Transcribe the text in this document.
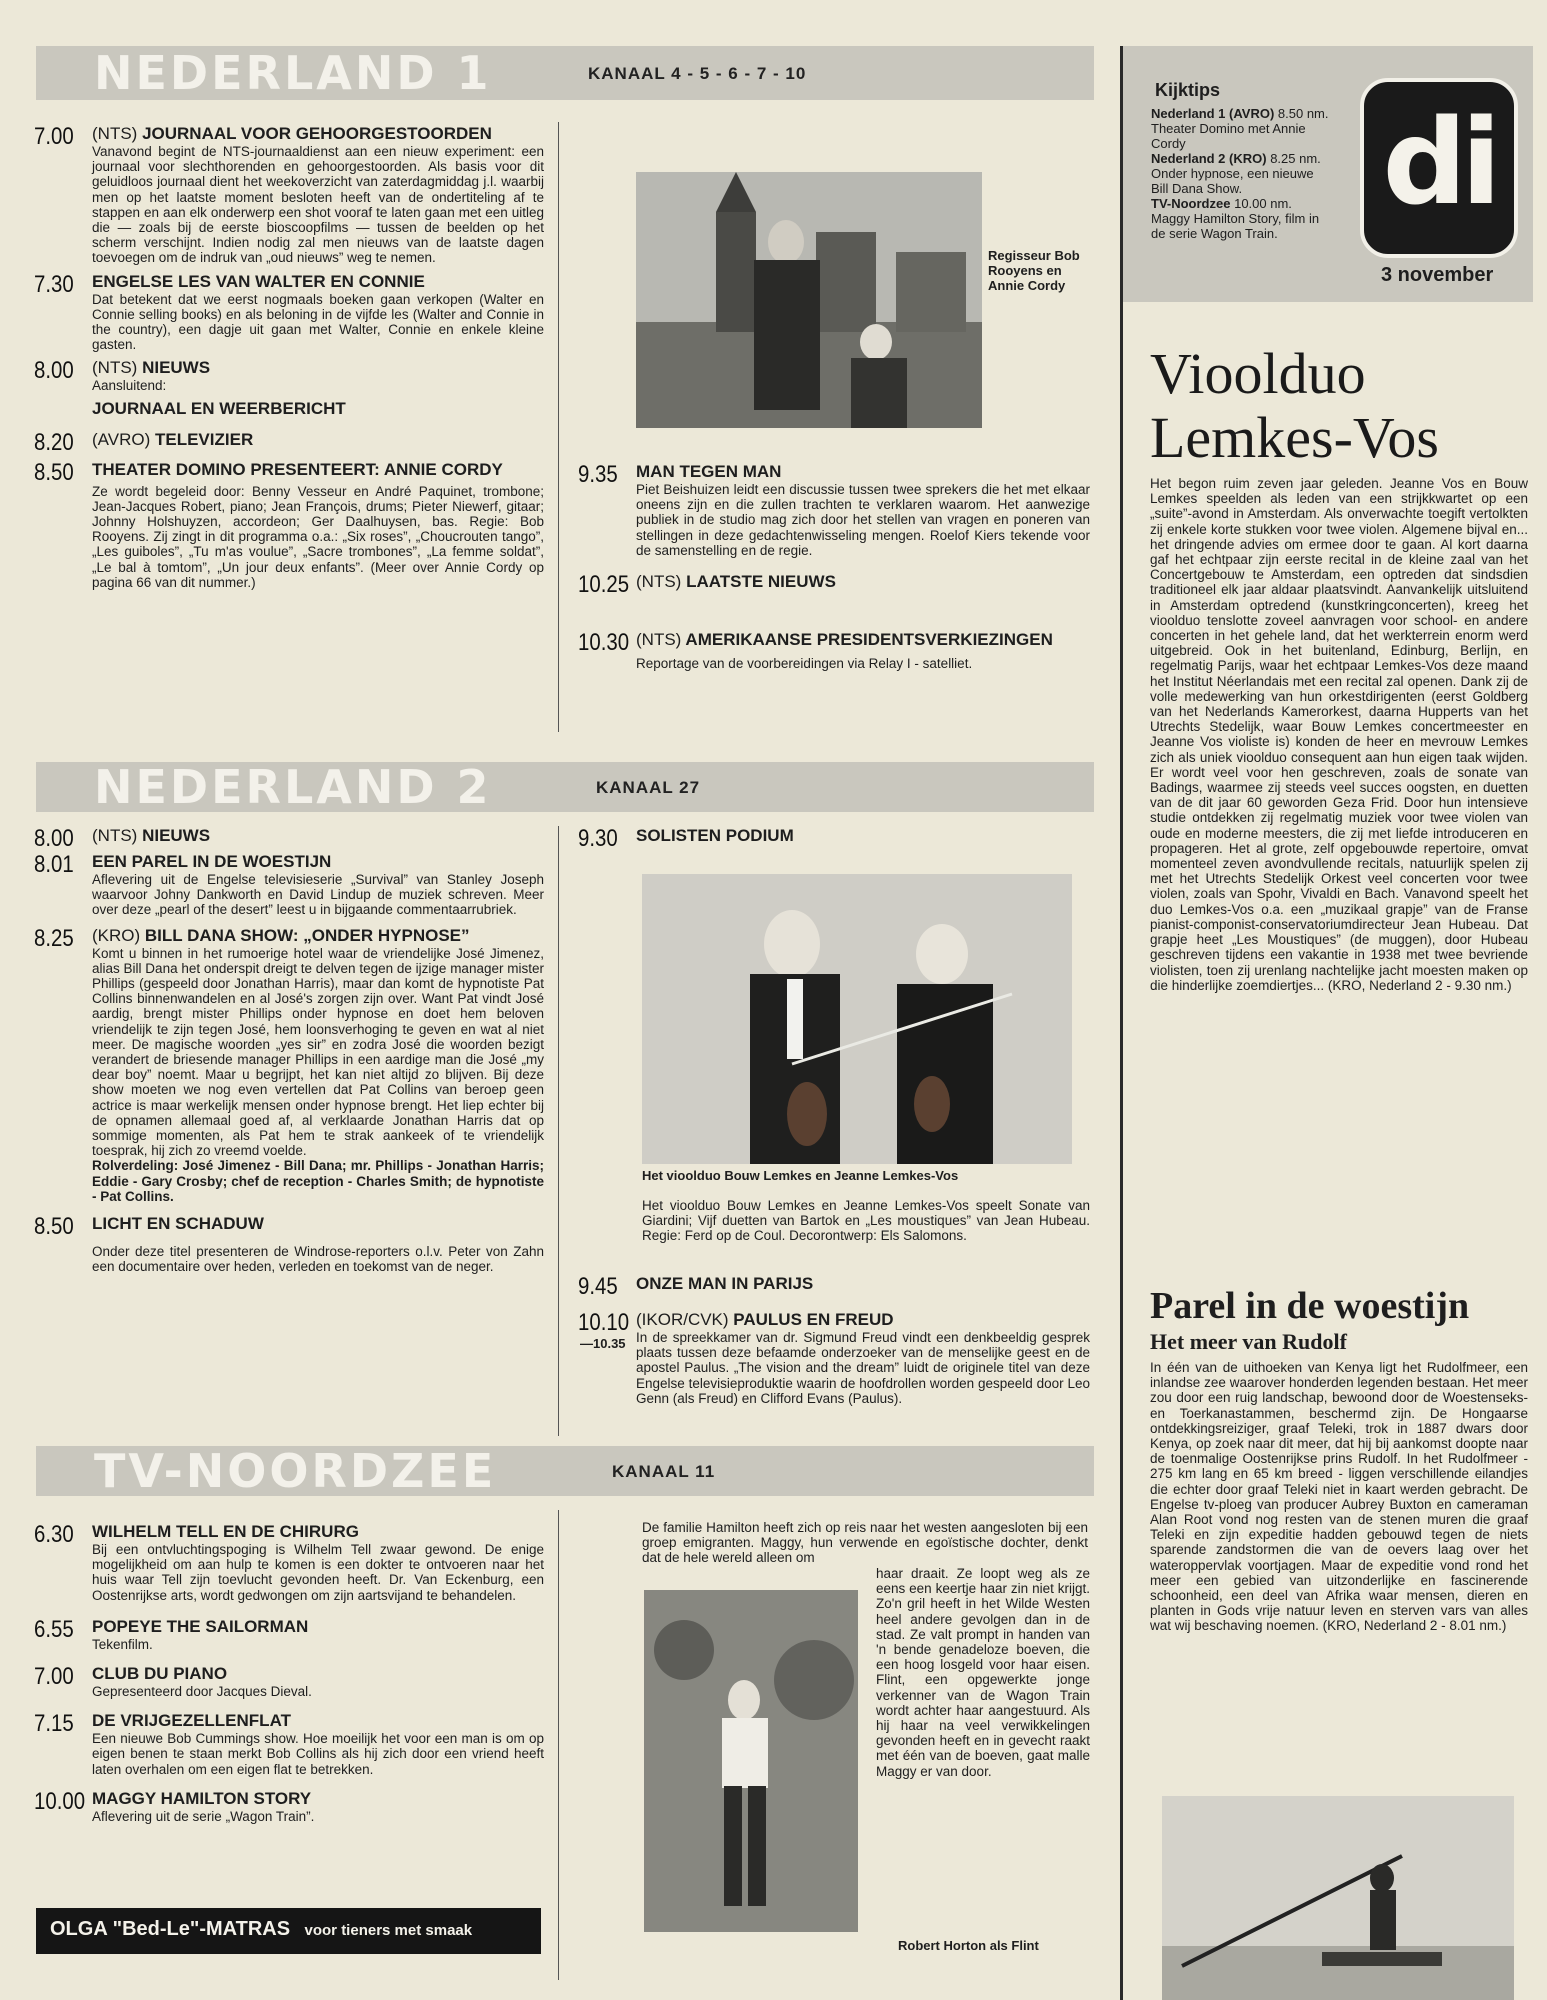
NEDERLAND 1	KANAAL 4 - 5 - 6 - 7 - 10
7.00 (NTS) JOURNAAL VOOR GEHOORGESTOORDEN
Vanavond begint de NTS-journaaldienst aan een nieuw experiment: een journaal voor slechthorenden en gehoorgestoorden. Als basis voor dit geluidloos journaal dient het weekoverzicht van zaterdagmiddag j.l. waarbij men op het laatste moment besloten heeft van de ondertiteling af te stappen en aan elk onderwerp een shot vooraf te laten gaan met een uitleg die — zoals bij de eerste bioscoopfilms — tussen de beelden op het scherm verschijnt. Indien nodig zal men nieuws van de laatste dagen toevoegen om de indruk van „oud nieuws” weg te nemen.
7.30 ENGELSE LES VAN WALTER EN CONNIE
Dat betekent dat we eerst nogmaals boeken gaan verkopen (Walter en Connie selling books) en als beloning in de vijfde les (Walter and Connie in the country), een dagje uit gaan met Walter, Connie en enkele kleine gasten.
8.00 (NTS) NIEUWS
Aansluitend:
JOURNAAL EN WEERBERICHT
8.20 (AVRO) TELEVIZIER
8.50 THEATER DOMINO PRESENTEERT: ANNIE CORDY
Ze wordt begeleid door: Benny Vesseur en André Paquinet, trombone; Jean-Jacques Robert, piano; Jean François, drums; Pieter Niewerf, gitaar; Johnny Holshuyzen, accordeon; Ger Daalhuysen, bas. Regie: Bob Rooyens. Zij zingt in dit programma o.a.: „Six roses”, „Choucrouten tango”, „Les guiboles”, „Tu m'as voulue”, „Sacre trombones”, „La femme soldat”, „Le bal à tomtom”, „Un jour deux enfants”. (Meer over Annie Cordy op pagina 66 van dit nummer.)
Regisseur Bob Rooyens en Annie Cordy
9.35 MAN TEGEN MAN
Piet Beishuizen leidt een discussie tussen twee sprekers die het met elkaar oneens zijn en die zullen trachten te verklaren waarom. Het aanwezige publiek in de studio mag zich door het stellen van vragen en poneren van stellingen in deze gedachtenwisseling mengen. Roelof Kiers tekende voor de samenstelling en de regie.
10.25 (NTS) LAATSTE NIEUWS
10.30 (NTS) AMERIKAANSE PRESIDENTSVERKIEZINGEN
Reportage van de voorbereidingen via Relay I - satelliet.
NEDERLAND 2	KANAAL 27
8.00 (NTS) NIEUWS
8.01 EEN PAREL IN DE WOESTIJN
Aflevering uit de Engelse televisieserie „Survival” van Stanley Joseph waarvoor Johny Dankworth en David Lindup de muziek schreven. Meer over deze „pearl of the desert” leest u in bijgaande commentaarrubriek.
8.25 (KRO) BILL DANA SHOW: „ONDER HYPNOSE”
Komt u binnen in het rumoerige hotel waar de vriendelijke José Jimenez, alias Bill Dana het onderspit dreigt te delven tegen de ijzige manager mister Phillips (gespeeld door Jonathan Harris), maar dan komt de hypnotiste Pat Collins binnenwandelen en al José's zorgen zijn over. Want Pat vindt José aardig, brengt mister Phillips onder hypnose en doet hem beloven vriendelijk te zijn tegen José, hem loonsverhoging te geven en wat al niet meer. De magische woorden „yes sir” en zodra José die woorden bezigt verandert de briesende manager Phillips in een aardige man die José „my dear boy” noemt. Maar u begrijpt, het kan niet altijd zo blijven. Bij deze show moeten we nog even vertellen dat Pat Collins van beroep geen actrice is maar werkelijk mensen onder hypnose brengt. Het liep echter bij de opnamen allemaal goed af, al verklaarde Jonathan Harris dat op sommige momenten, als Pat hem te strak aankeek of te vriendelijk toesprak, hij zich zo vreemd voelde.
Rolverdeling: José Jimenez - Bill Dana; mr. Phillips - Jonathan Harris; Eddie - Gary Crosby; chef de reception - Charles Smith; de hypnotiste - Pat Collins.
8.50 LICHT EN SCHADUW
Onder deze titel presenteren de Windrose-reporters o.l.v. Peter von Zahn een documentaire over heden, verleden en toekomst van de neger.
9.30 SOLISTEN PODIUM
Het vioolduo Bouw Lemkes en Jeanne Lemkes-Vos
Het vioolduo Bouw Lemkes en Jeanne Lemkes-Vos speelt Sonate van Giardini; Vijf duetten van Bartok en „Les moustiques” van Jean Hubeau. Regie: Ferd op de Coul. Decorontwerp: Els Salomons.
9.45 ONZE MAN IN PARIJS
10.10
—10.35
(IKOR/CVK) PAULUS EN FREUD
In de spreekkamer van dr. Sigmund Freud vindt een denkbeeldig gesprek plaats tussen deze befaamde onderzoeker van de menselijke geest en de apostel Paulus. „The vision and the dream” luidt de originele titel van deze Engelse televisieproduktie waarin de hoofdrollen worden gespeeld door Leo Genn (als Freud) en Clifford Evans (Paulus).
TV-NOORDZEE	KANAAL 11
6.30 WILHELM TELL EN DE CHIRURG
Bij een ontvluchtingspoging is Wilhelm Tell zwaar gewond. De enige mogelijkheid om aan hulp te komen is een dokter te ontvoeren naar het huis waar Tell zijn toevlucht gevonden heeft. Dr. Van Eckenburg, een Oostenrijkse arts, wordt gedwongen om zijn aartsvijand te behandelen.
6.55 POPEYE THE SAILORMAN
Tekenfilm.
7.00 CLUB DU PIANO
Gepresenteerd door Jacques Dieval.
7.15 DE VRIJGEZELLENFLAT
Een nieuwe Bob Cummings show. Hoe moeilijk het voor een man is om op eigen benen te staan merkt Bob Collins als hij zich door een vriend heeft laten overhalen om een eigen flat te betrekken.
10.00 MAGGY HAMILTON STORY
Aflevering uit de serie „Wagon Train”.
De familie Hamilton heeft zich op reis naar het westen aangesloten bij een groep emigranten. Maggy, hun verwende en egoïstische dochter, denkt dat de hele wereld alleen om
haar draait. Ze loopt weg als ze eens een keertje haar zin niet krijgt. Zo'n gril heeft in het Wilde Westen heel andere gevolgen dan in de stad. Ze valt prompt in handen van 'n bende genadeloze boeven, die een hoog losgeld voor haar eisen. Flint, een opgewerkte jonge verkenner van de Wagon Train wordt achter haar aangestuurd. Als hij haar na veel verwikkelingen gevonden heeft en in gevecht raakt met één van de boeven, gaat malle Maggy er van door.
Robert Horton als Flint
OLGA "Bed-Le"-MATRAS voor tieners met smaak
Kijktips
Nederland 1 (AVRO) 8.50 nm. Theater Domino met Annie Cordy
Nederland 2 (KRO) 8.25 nm. Onder hypnose, een nieuwe Bill Dana Show.
TV-Noordzee 10.00 nm. Maggy Hamilton Story, film in de serie Wagon Train.
di
3 november
Vioolduo Lemkes-Vos
Het begon ruim zeven jaar geleden. Jeanne Vos en Bouw Lemkes speelden als leden van een strijkkwartet op een „suite”-avond in Amsterdam. Als onverwachte toegift vertolkten zij enkele korte stukken voor twee violen. Algemene bijval en... het dringende advies om ermee door te gaan. Al kort daarna gaf het echtpaar zijn eerste recital in de kleine zaal van het Concertgebouw te Amsterdam, een optreden dat sindsdien traditioneel elk jaar aldaar plaatsvindt. Aanvankelijk uitsluitend in Amsterdam optredend (kunstkringconcerten), kreeg het vioolduo tenslotte zoveel aanvragen voor school- en andere concerten in het gehele land, dat het werkterrein enorm werd uitgebreid. Ook in het buitenland, Edinburg, Berlijn, en regelmatig Parijs, waar het echtpaar Lemkes-Vos deze maand het Institut Néerlandais met een recital zal openen. Dank zij de volle medewerking van hun orkestdirigenten (eerst Goldberg van het Nederlands Kamerorkest, daarna Hupperts van het Utrechts Stedelijk, waar Bouw Lemkes concertmeester en Jeanne Vos violiste is) konden de heer en mevrouw Lemkes zich als uniek vioolduo consequent aan hun eigen taak wijden. Er wordt veel voor hen geschreven, zoals de sonate van Badings, waarmee zij steeds veel succes oogsten, en duetten van de dit jaar 60 geworden Geza Frid. Door hun intensieve studie ontdekken zij regelmatig muziek voor twee violen van oude en moderne meesters, die zij met liefde introduceren en propageren. Het al grote, zelf opgebouwde repertoire, omvat momenteel zeven avondvullende recitals, natuurlijk spelen zij met het Utrechts Stedelijk Orkest veel concerten voor twee violen, zoals van Spohr, Vivaldi en Bach. Vanavond speelt het duo Lemkes-Vos o.a. een „muzikaal grapje” van de Franse pianist-componist-conservatoriumdirecteur Jean Hubeau. Dat grapje heet „Les Moustiques” (de muggen), door Hubeau geschreven tijdens een vakantie in 1938 met twee bevriende violisten, toen zij urenlang nachtelijke jacht moesten maken op die hinderlijke zoemdiertjes... (KRO, Nederland 2 - 9.30 nm.)
Parel in de woestijn
Het meer van Rudolf
In één van de uithoeken van Kenya ligt het Rudolfmeer, een inlandse zee waarover honderden legenden bestaan. Het meer zou door een ruig landschap, bewoond door de Woestenseks- en Toerkanastammen, beschermd zijn. De Hongaarse ontdekkingsreiziger, graaf Teleki, trok in 1887 dwars door Kenya, op zoek naar dit meer, dat hij bij aankomst doopte naar de toenmalige Oostenrijkse prins Rudolf. In het Rudolfmeer - 275 km lang en 65 km breed - liggen verschillende eilandjes die echter door graaf Teleki niet in kaart werden gebracht. De Engelse tv-ploeg van producer Aubrey Buxton en cameraman Alan Root vond nog resten van de stenen muren die graaf Teleki en zijn expeditie hadden gebouwd tegen de niets sparende zandstormen die van de oevers laag over het wateroppervlak voortjagen. Maar de expeditie vond rond het meer een gebied van uitzonderlijke en fascinerende schoonheid, een deel van Afrika waar mensen, dieren en planten in Gods vrije natuur leven en sterven vars van alles wat wij beschaving noemen. (KRO, Nederland 2 - 8.01 nm.)
